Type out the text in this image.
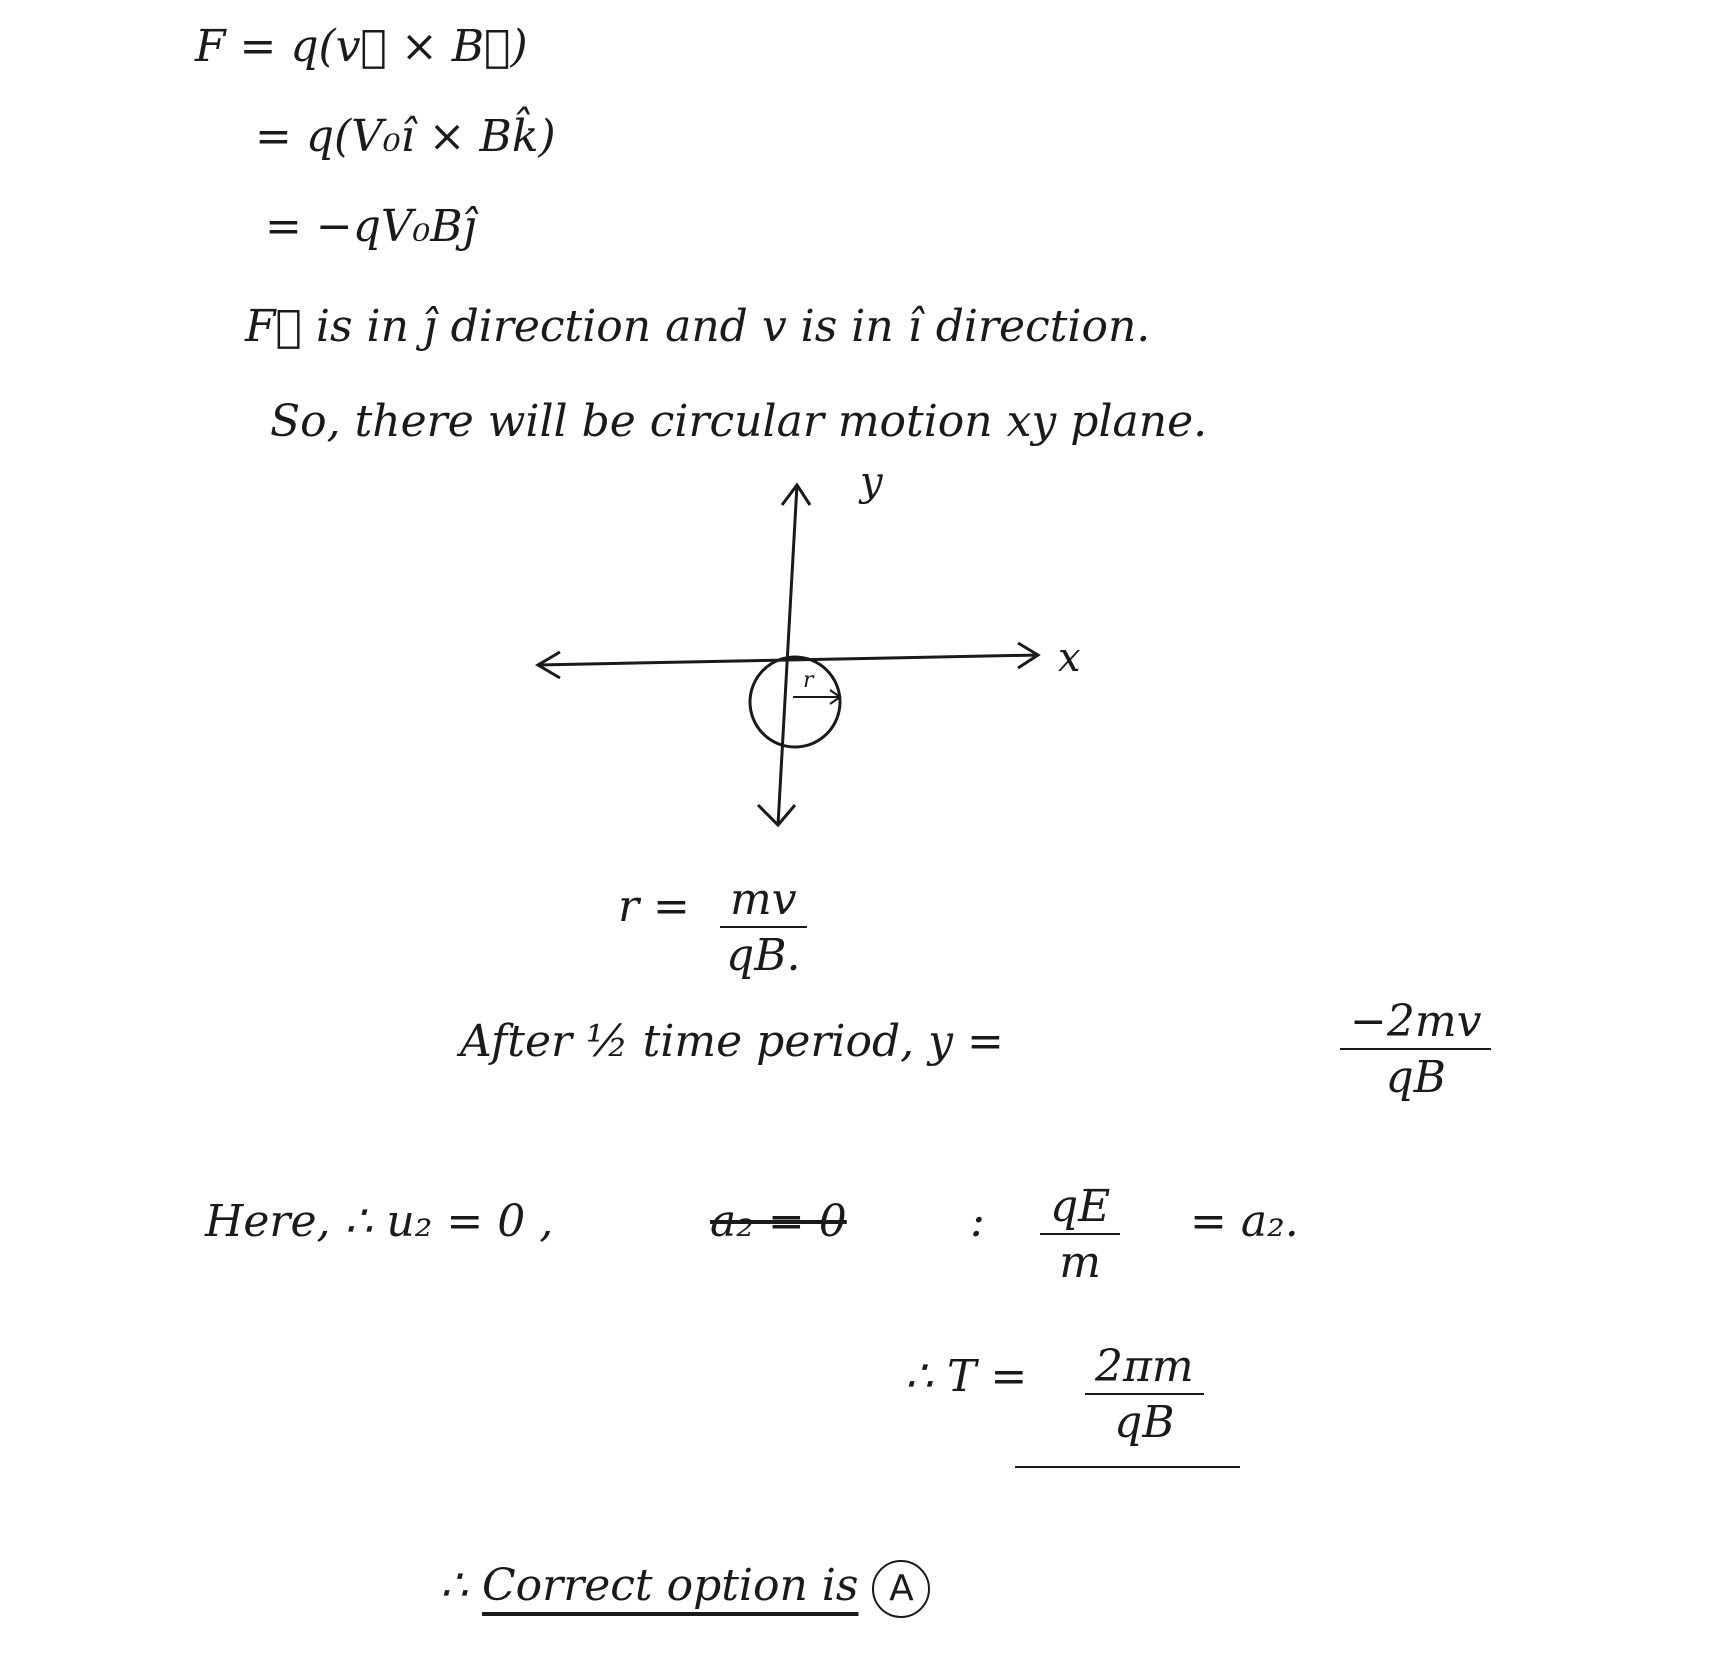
F = q(v⃗ × B⃗)
= q(V₀î × Bk̂)
= −qV₀Bĵ
F⃗ is in ĵ direction and v is in î direction.
So, there will be circular motion xy plane.
y
x
r
$r = \frac{mv}{qB.}$
After ½ time period, y =	$\frac{-2mv}{qB}$
Here, ∴ u₂ = 0 ,	a₂ = 0	: $\frac{qE}{m} = a_2$.
∴ $T = \frac{2\pi m}{qB}$
∴ Correct option is A
